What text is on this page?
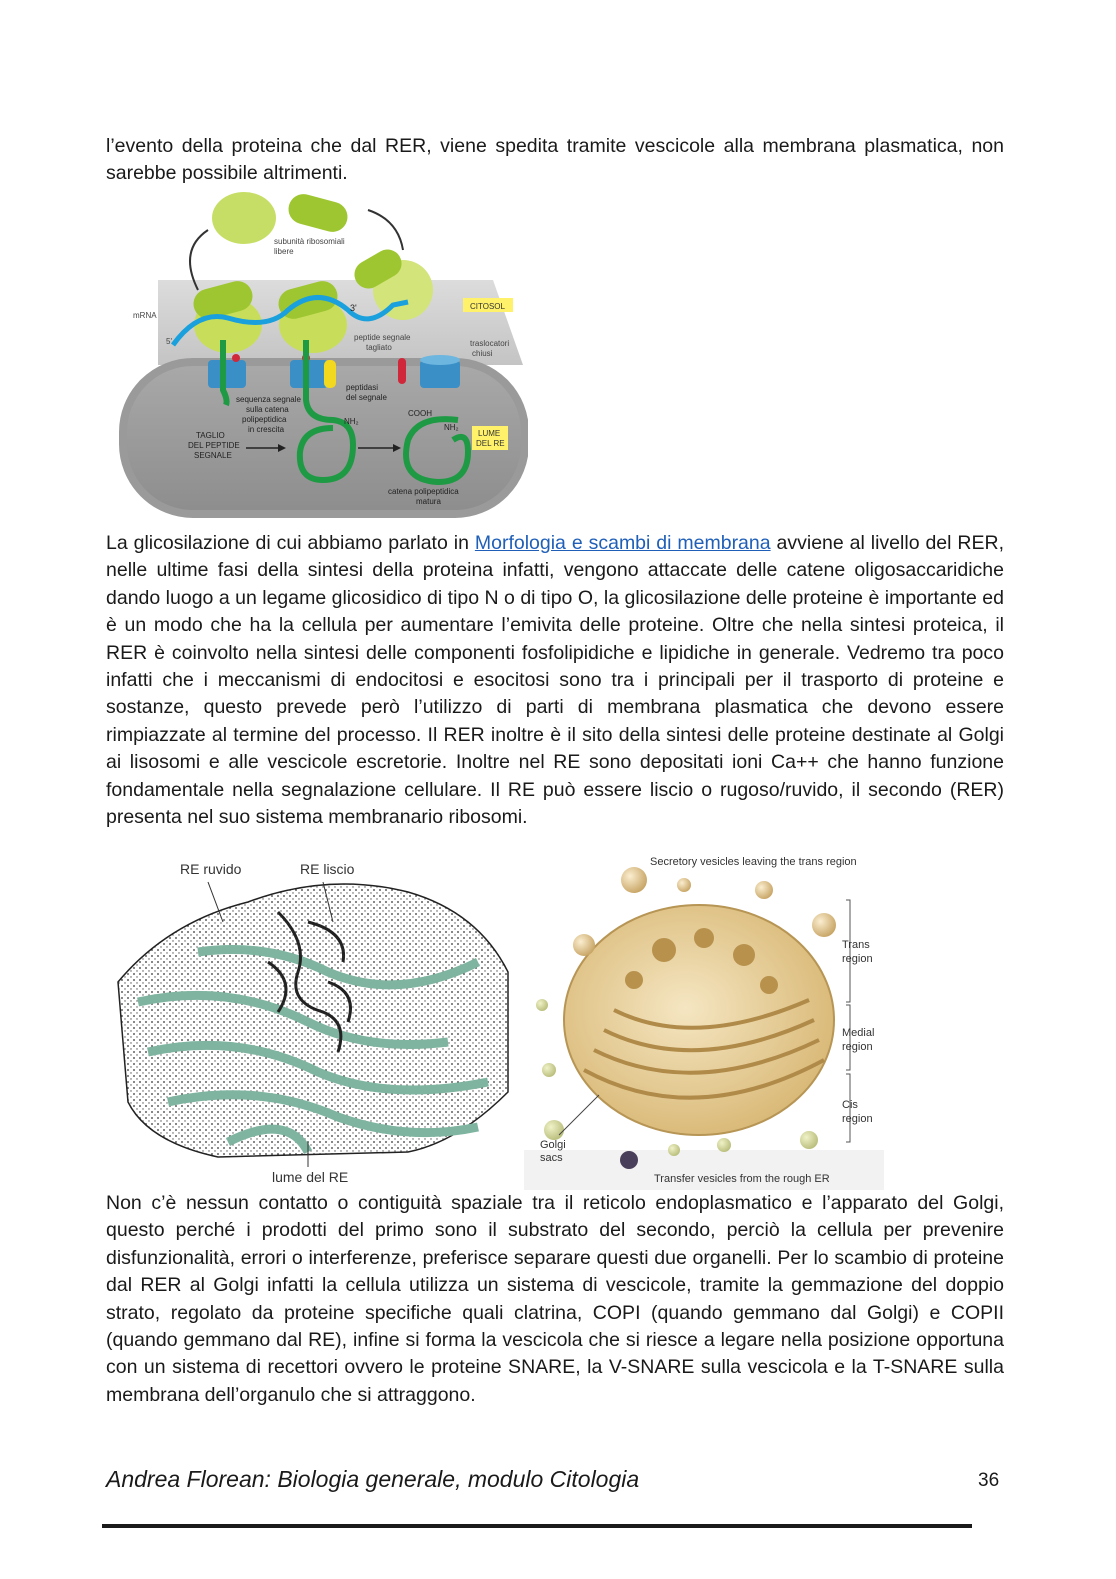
l’evento della proteina che dal RER, viene spedita tramite vescicole alla membrana plasmatica, non sarebbe possibile altrimenti.

subunità ribosomiali
libere
mRNA
5'
3'	CITOSOL
peptide segnale
tagliato	traslocatori
chiusi
peptidasi
del segnale
sequenza segnale
sulla catena
polipeptidica
in crescita
COOH
NH₂
NH₂
TAGLIO
DEL PEPTIDE
SEGNALE
LUME
DEL RE
catena polipeptidica
matura

La glicosilazione di cui abbiamo parlato in Morfologia e scambi di membrana avviene al livello del RER, nelle ultime fasi della sintesi della proteina infatti, vengono attaccate delle catene oligosaccaridiche dando luogo a un legame glicosidico di tipo N o di tipo O, la glicosilazione delle proteine è importante ed è un modo che ha la cellula per aumentare l’emivita delle proteine. Oltre che nella sintesi proteica, il RER è coinvolto nella sintesi delle componenti fosfolipidiche e lipidiche in generale. Vedremo tra poco infatti che i meccanismi di endocitosi e esocitosi sono tra i principali per il trasporto di proteine e sostanze, questo prevede però l’utilizzo di parti di membrana plasmatica che devono essere rimpiazzate al termine del processo. Il RER inoltre è il sito della sintesi delle proteine destinate al Golgi ai lisosomi e alle vescicole escretorie. Inoltre nel RE sono depositati ioni Ca++ che hanno funzione fondamentale nella segnalazione cellulare. Il RE può essere liscio o rugoso/ruvido, il secondo (RER) presenta nel suo sistema membranario ribosomi.

RE ruvido	RE liscio
lume del RE
Secretory vesicles leaving the trans region
Trans
region
Medial
region
Cis
region
Golgi
sacs
Transfer vesicles from the rough ER

Non c’è nessun contatto o contiguità spaziale tra il reticolo endoplasmatico e l’apparato del Golgi, questo perché i prodotti del primo sono il substrato del secondo, perciò la cellula per prevenire disfunzionalità, errori o interferenze, preferisce separare questi due organelli. Per lo scambio di proteine dal RER al Golgi infatti la cellula utilizza un sistema di vescicole, tramite la gemmazione del doppio strato, regolato da proteine specifiche quali clatrina, COPI (quando gemmano dal Golgi) e COPII (quando gemmano dal RE), infine si forma la vescicola che si riesce a legare nella posizione opportuna con un sistema di recettori ovvero le proteine SNARE, la V-SNARE sulla vescicola e la T-SNARE sulla membrana dell’organulo che si attraggono.

Andrea Florean: Biologia generale, modulo Citologia	36
